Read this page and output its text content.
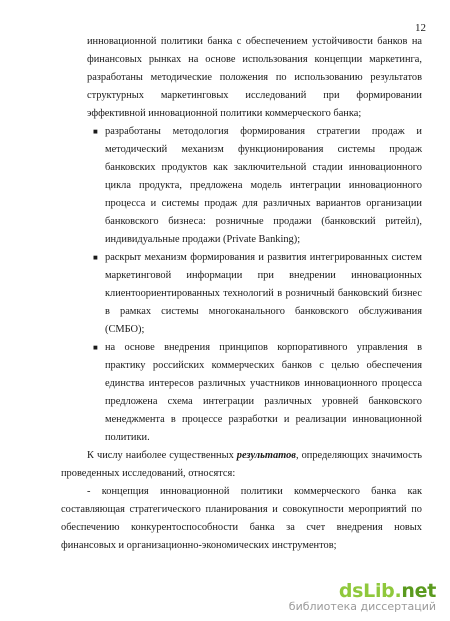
12

инновационной политики банка с обеспечением устойчивости банков на финансовых рынках на основе использования концепции маркетинга, разработаны методические положения по использованию результатов структурных маркетинговых исследований при формировании эффективной инновационной политики коммерческого банка;

■ разработаны методология формирования стратегии продаж и методический механизм функционирования системы продаж банковских продуктов как заключительной стадии инновационного цикла продукта, предложена модель интеграции инновационного процесса и системы продаж для различных вариантов организации банковского бизнеса: розничные продажи (банковский ритейл), индивидуальные продажи (Private Banking);

■ раскрыт механизм формирования и развития интегрированных систем маркетинговой информации при внедрении инновационных клиентоориентированных технологий в розничный банковский бизнес в рамках системы многоканального банковского обслуживания (СМБО);

■ на основе внедрения принципов корпоративного управления в практику российских коммерческих банков с целью обеспечения единства интересов различных участников инновационного процесса предложена схема интеграции различных уровней банковского менеджмента в процессе разработки и реализации инновационной политики.

К числу наиболее существенных результатов, определяющих значимость проведенных исследований, относятся:

- концепция инновационной политики коммерческого банка как составляющая стратегического планирования и совокупности мероприятий по обеспечению конкурентоспособности банка за счет внедрения новых финансовых и организационно-экономических инструментов;

dsLib.net
библиотека диссертаций
